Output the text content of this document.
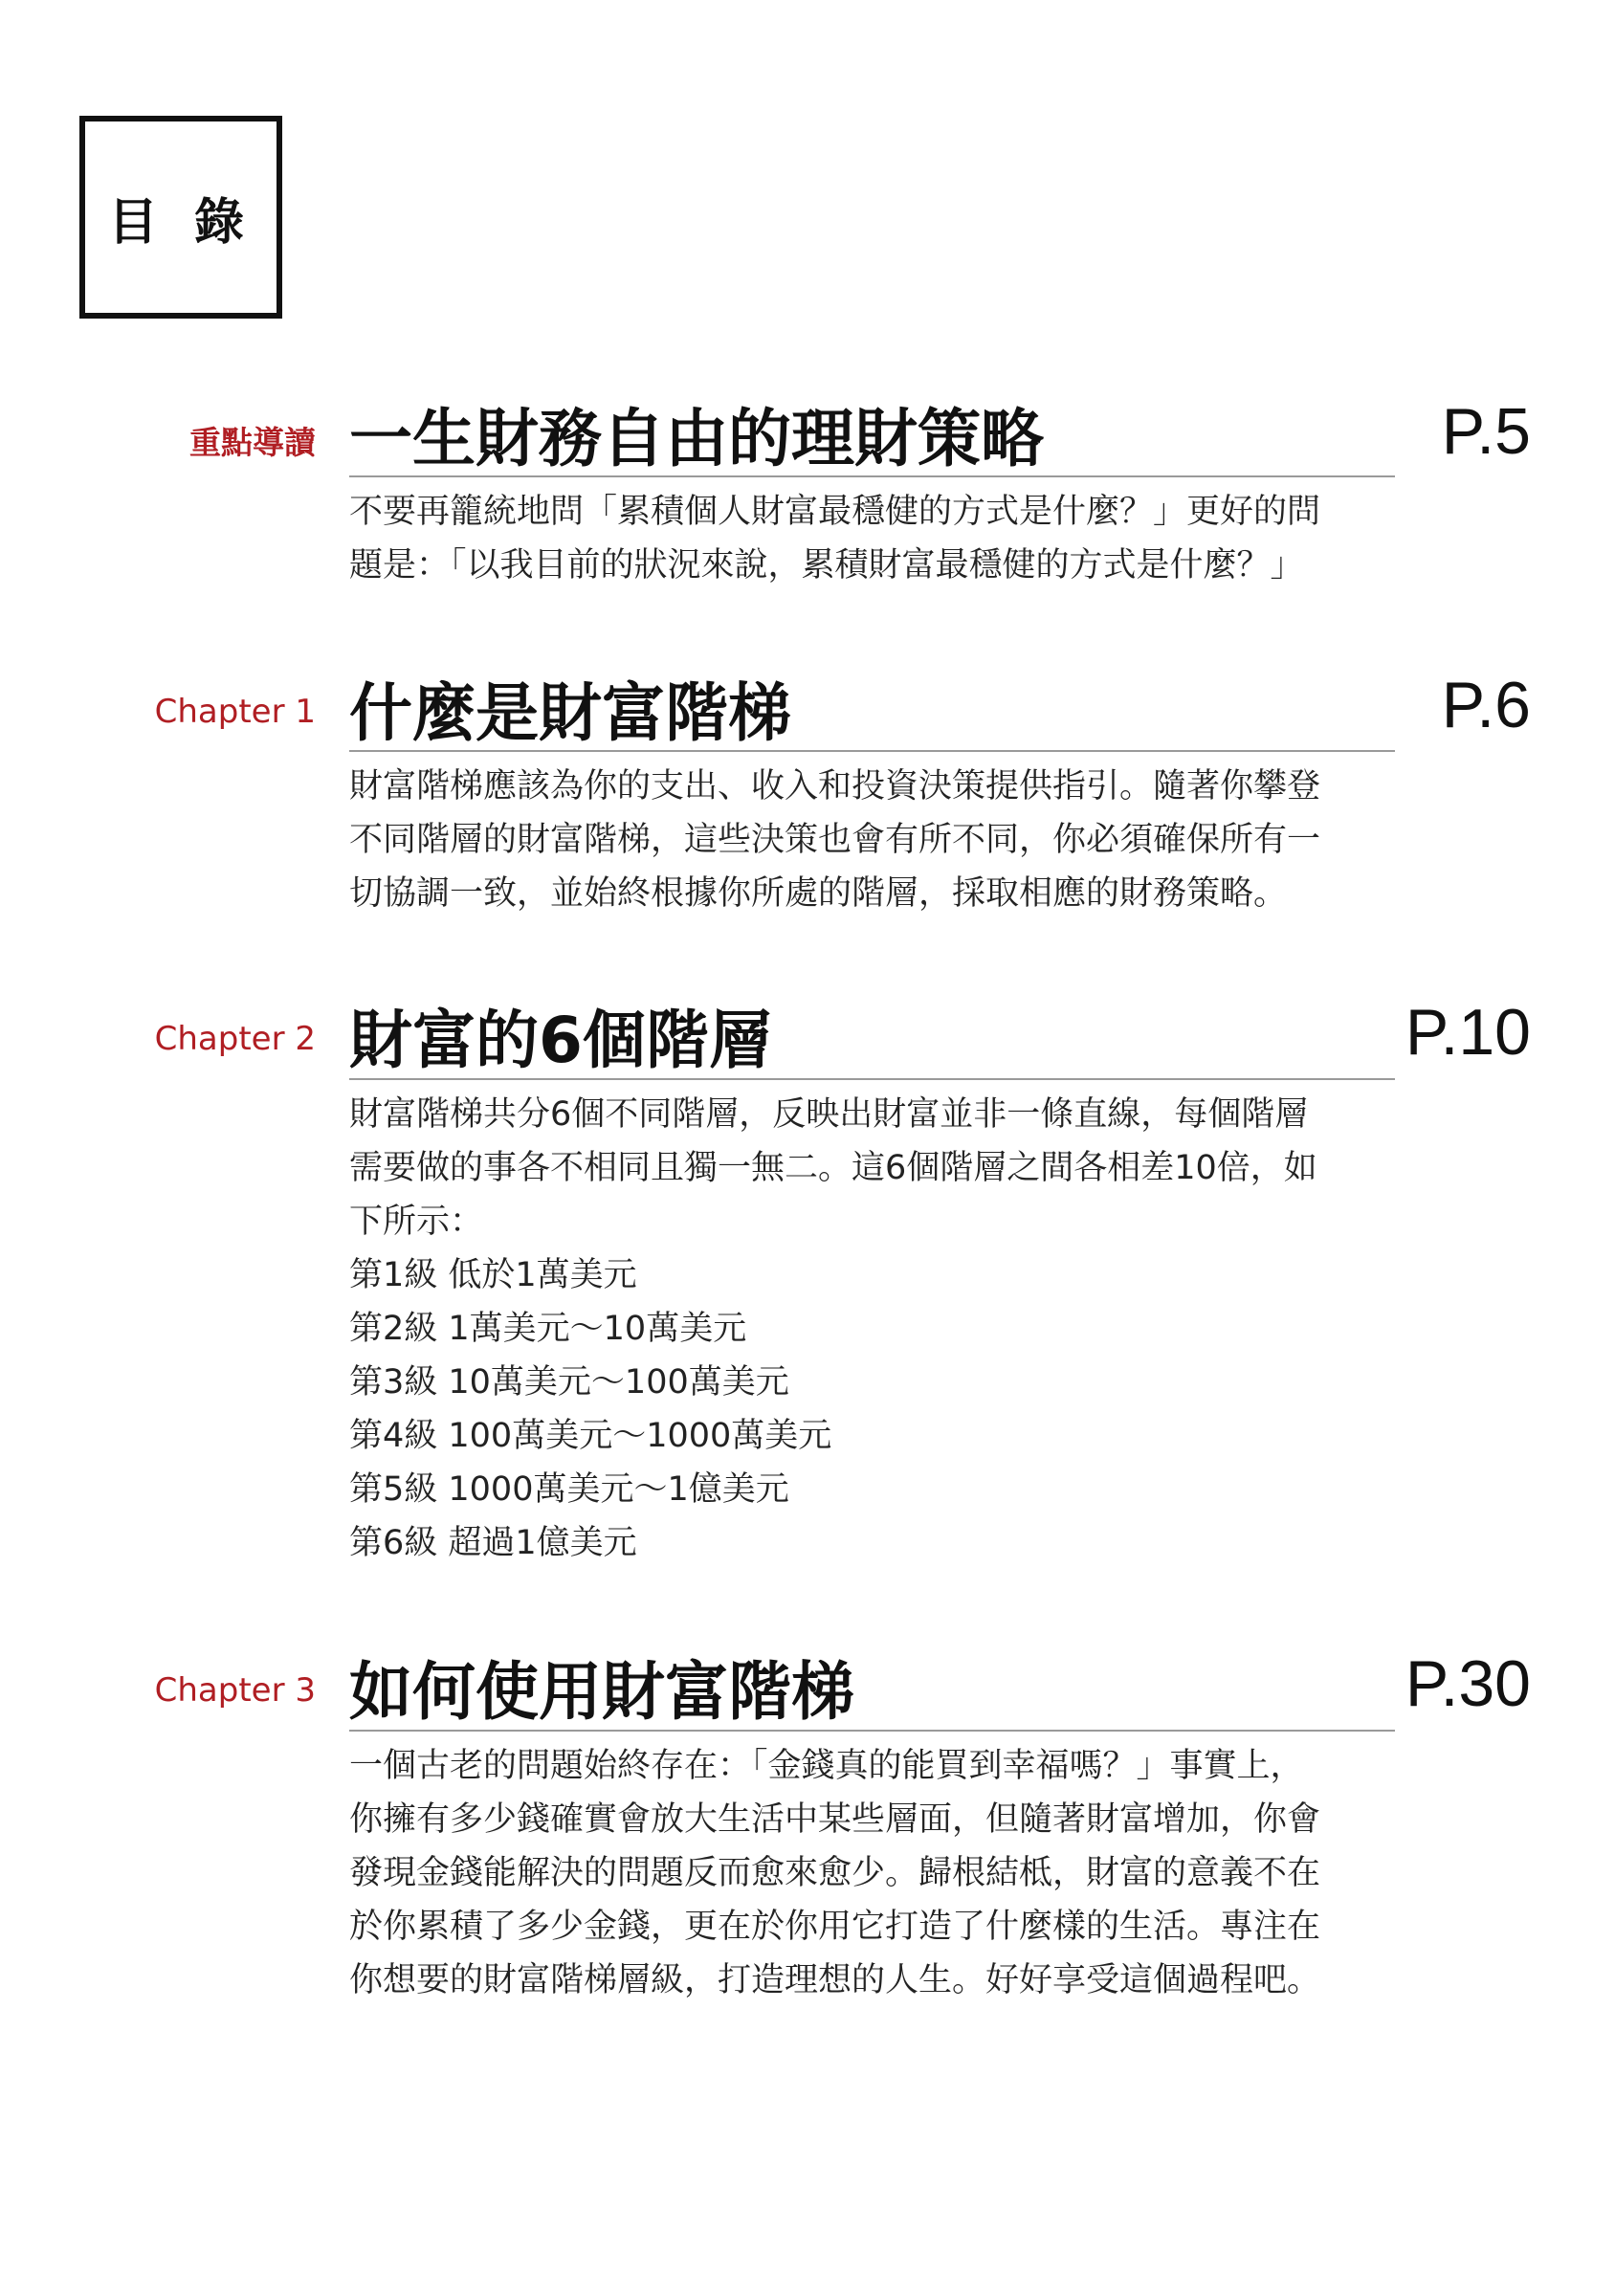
目 錄
重點導讀 一生財務自由的理財策略	P.5
不要再籠統地問「累積個人財富最穩健的方式是什麼？」更好的問
題是：「以我目前的狀況來說，累積財富最穩健的方式是什麼？」
Chapter 1 什麼是財富階梯	P.6
財富階梯應該為你的支出、收入和投資決策提供指引。隨著你攀登
不同階層的財富階梯，這些決策也會有所不同，你必須確保所有一
切協調一致，並始終根據你所處的階層，採取相應的財務策略。
Chapter 2 財富的6個階層	P.10
財富階梯共分6個不同階層，反映出財富並非一條直線，每個階層
需要做的事各不相同且獨一無二。這6個階層之間各相差10倍，如
下所示：
第1級 低於1萬美元
第2級 1萬美元～10萬美元
第3級 10萬美元～100萬美元
第4級 100萬美元～1000萬美元
第5級 1000萬美元～1億美元
第6級 超過1億美元
Chapter 3 如何使用財富階梯	P.30
一個古老的問題始終存在：「金錢真的能買到幸福嗎？」事實上，
你擁有多少錢確實會放大生活中某些層面，但隨著財富增加，你會
發現金錢能解決的問題反而愈來愈少。歸根結柢，財富的意義不在
於你累積了多少金錢，更在於你用它打造了什麼樣的生活。專注在
你想要的財富階梯層級，打造理想的人生。好好享受這個過程吧。
